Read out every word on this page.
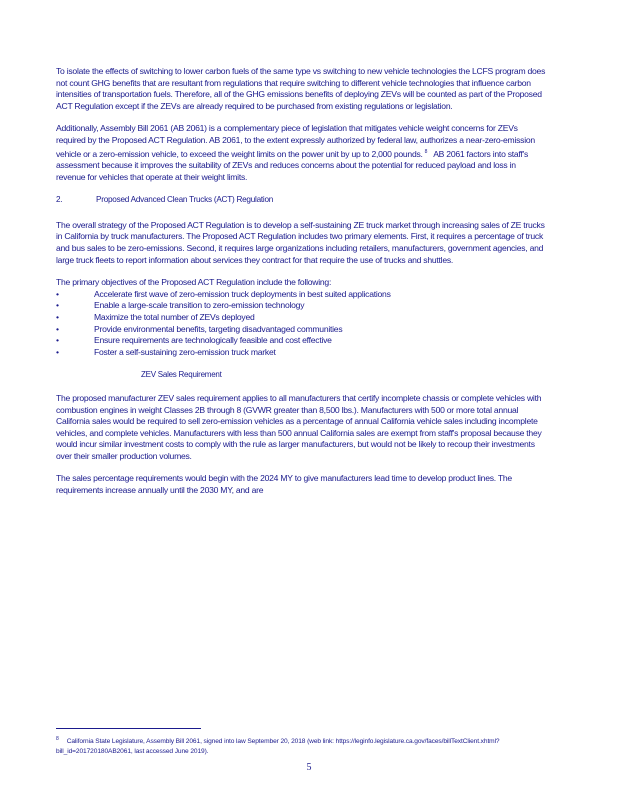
To isolate the effects of switching to lower carbon fuels of the same type vs switching to new vehicle technologies the LCFS program does not count GHG benefits that are resultant from regulations that require switching to different vehicle technologies that influence carbon intensities of transportation fuels. Therefore, all of the GHG emissions benefits of deploying ZEVs will be counted as part of the Proposed ACT Regulation except if the ZEVs are already required to be purchased from existing regulations or legislation.

Additionally, Assembly Bill 2061 (AB 2061) is a complementary piece of legislation that mitigates vehicle weight concerns for ZEVs required by the Proposed ACT Regulation. AB 2061, to the extent expressly authorized by federal law, authorizes a near-zero-emission vehicle or a zero-emission vehicle, to exceed the weight limits on the power unit by up to 2,000 pounds. $^8$ AB 2061 factors into staff's assessment because it improves the suitability of ZEVs and reduces concerns about the potential for reduced payload and loss in revenue for vehicles that operate at their weight limits.

2.	Proposed Advanced Clean Trucks (ACT) Regulation

The overall strategy of the Proposed ACT Regulation is to develop a self-sustaining ZE truck market through increasing sales of ZE trucks in California by truck manufacturers. The Proposed ACT Regulation includes two primary elements. First, it requires a percentage of truck and bus sales to be zero-emissions. Second, it requires large organizations including retailers, manufacturers, government agencies, and large truck fleets to report information about services they contract for that require the use of trucks and shuttles.

The primary objectives of the Proposed ACT Regulation include the following:

•	Accelerate first wave of zero-emission truck deployments in best suited applications
•	Enable a large-scale transition to zero-emission technology
•	Maximize the total number of ZEVs deployed
•	Provide environmental benefits, targeting disadvantaged communities
•	Ensure requirements are technologically feasible and cost effective
•	Foster a self-sustaining zero-emission truck market
ZEV Sales Requirement

The proposed manufacturer ZEV sales requirement applies to all manufacturers that certify incomplete chassis or complete vehicles with combustion engines in weight Classes 2B through 8 (GVWR greater than 8,500 lbs.). Manufacturers with 500 or more total annual California sales would be required to sell zero-emission vehicles as a percentage of annual California vehicle sales including incomplete vehicles, and complete vehicles. Manufacturers with less than 500 annual California sales are exempt from staff's proposal because they would incur similar investment costs to comply with the rule as larger manufacturers, but would not be likely to recoup their investments over their smaller production volumes.

The sales percentage requirements would begin with the 2024 MY to give manufacturers lead time to develop product lines. The requirements increase annually until the 2030 MY, and are

$^8$ California State Legislature, Assembly Bill 2061, signed into law September 20, 2018 (web link: https://leginfo.legislature.ca.gov/faces/billTextClient.xhtml?bill_id=201720180AB2061, last accessed June 2019).
5
